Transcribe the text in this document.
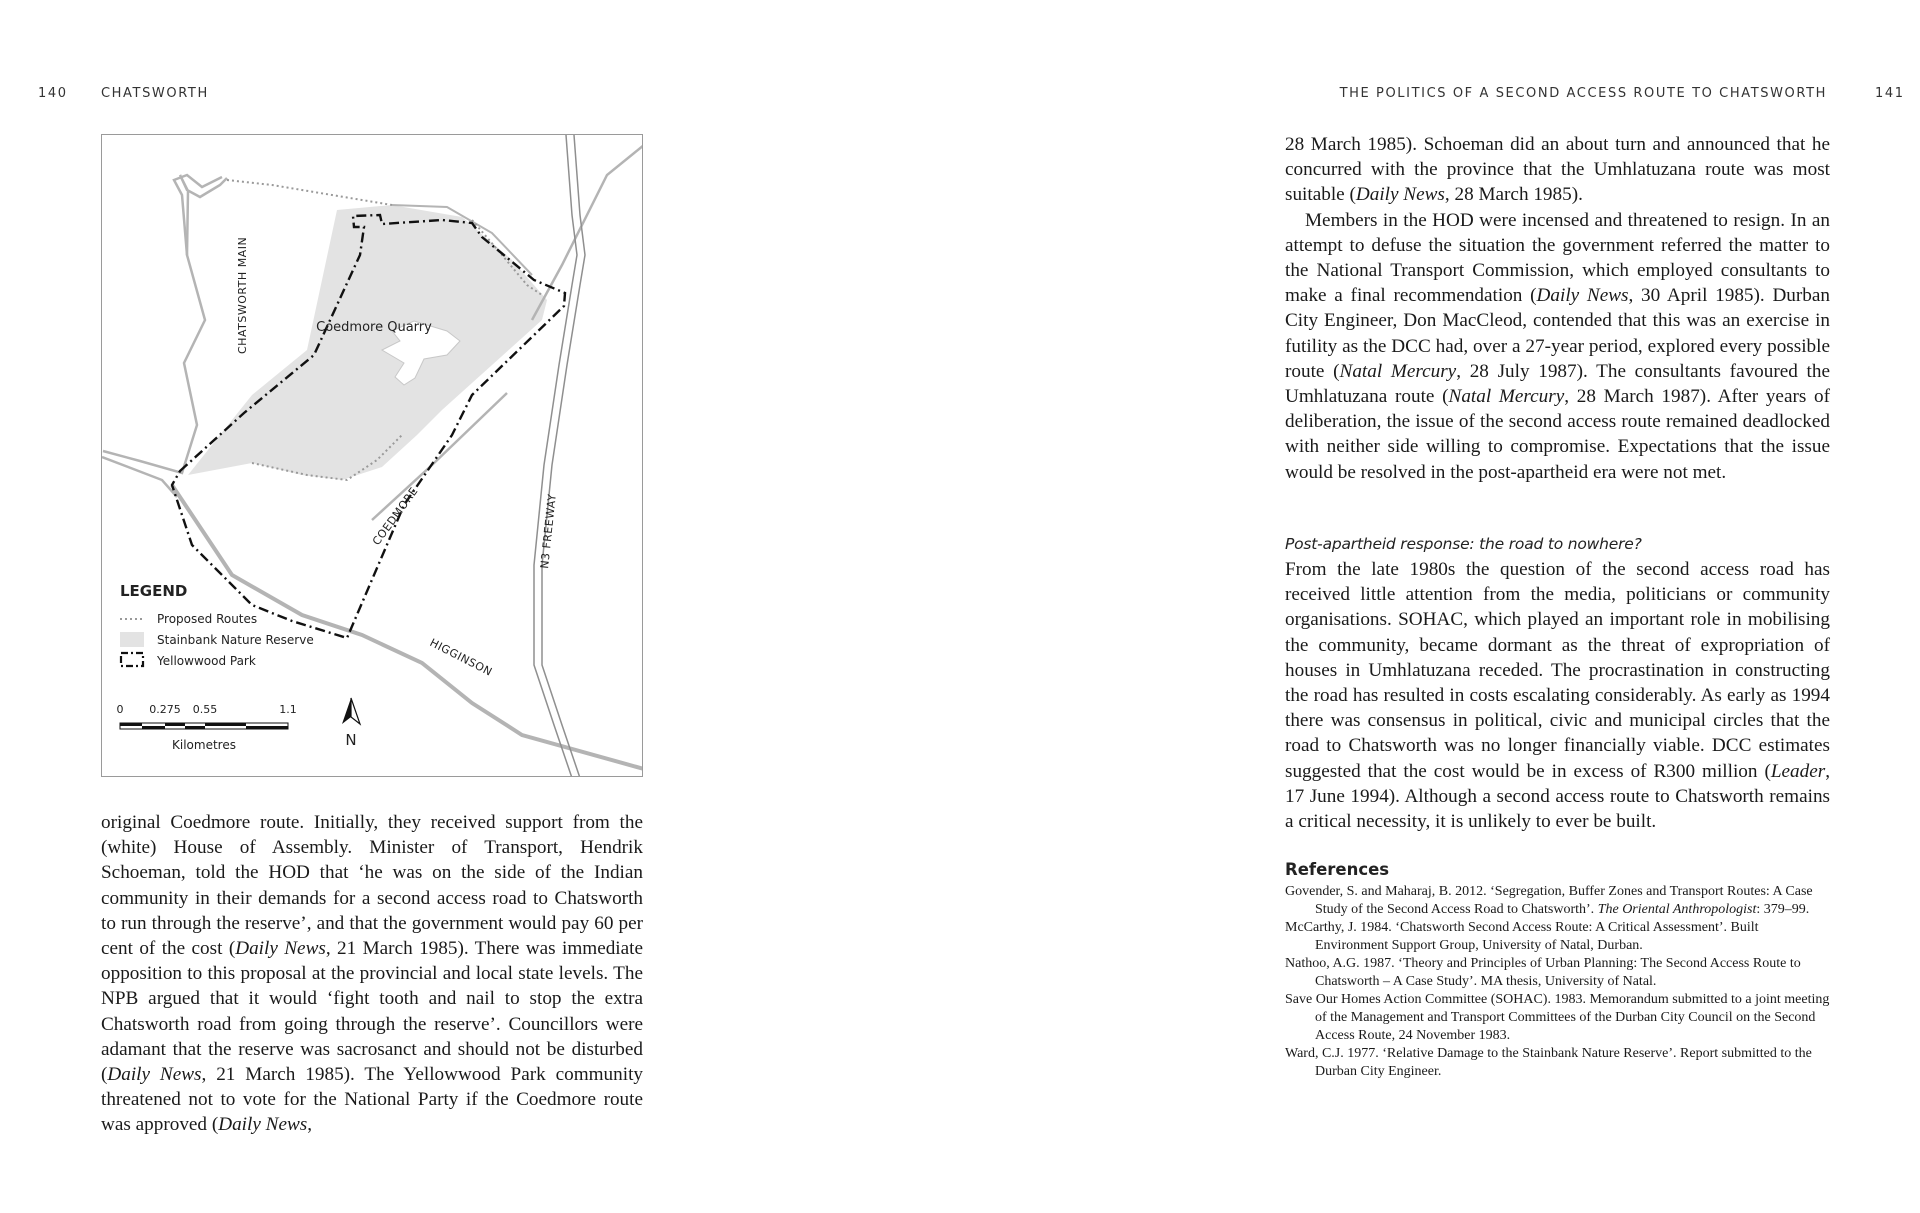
140	CHATSWORTH	THE POLITICS OF A SECOND ACCESS ROUTE TO CHATSWORTH	141
Coedmore Quarry
CHATSWORTH MAIN
COEDMORE	N3 FREEWAY
HIGGINSON
LEGEND
Proposed Routes
Stainbank Nature Reserve
Yellowwood Park
0 0.275 0.55	1.1
Kilometres	N

original Coedmore route. Initially, they received support from the (white) House of Assembly. Minister of Transport, Hendrik Schoeman, told the HOD that ‘he was on the side of the Indian community in their demands for a second access road to Chatsworth to run through the reserve’, and that the government would pay 60 per cent of the cost (Daily News, 21 March 1985). There was immediate opposition to this proposal at the provincial and local state levels. The NPB argued that it would ‘fight tooth and nail to stop the extra Chatsworth road from going through the reserve’. Councillors were adamant that the reserve was sacrosanct and should not be disturbed (Daily News, 21 March 1985). The Yellowwood Park community threatened not to vote for the National Party if the Coedmore route was approved (Daily News,

28 March 1985). Schoeman did an about turn and announced that he concurred with the province that the Umhlatuzana route was most suitable (Daily News, 28 March 1985).

Members in the HOD were incensed and threatened to resign. In an attempt to defuse the situation the government referred the matter to the National Transport Commission, which employed consultants to make a final recommendation (Daily News, 30 April 1985). Durban City Engineer, Don MacCleod, contended that this was an exercise in futility as the DCC had, over a 27-year period, explored every possible route (Natal Mercury, 28 July 1987). The consultants favoured the Umhlatuzana route (Natal Mercury, 28 March 1987). After years of deliberation, the issue of the second access route remained deadlocked with neither side willing to compromise. Expectations that the issue would be resolved in the post-apartheid era were not met.

Post-apartheid response: the road to nowhere?

From the late 1980s the question of the second access road has received little attention from the media, politicians or community organisations. SOHAC, which played an important role in mobilising the community, became dormant as the threat of expropriation of houses in Umhlatuzana receded. The procrastination in constructing the road has resulted in costs escalating considerably. As early as 1994 there was consensus in political, civic and municipal circles that the road to Chatsworth was no longer financially viable. DCC estimates suggested that the cost would be in excess of R300 million (Leader, 17 June 1994). Although a second access route to Chatsworth remains a critical necessity, it is unlikely to ever be built.

References

Govender, S. and Maharaj, B. 2012. ‘Segregation, Buffer Zones and Transport Routes: A Case Study of the Second Access Road to Chatsworth’. The Oriental Anthropologist: 379–99.

McCarthy, J. 1984. ‘Chatsworth Second Access Route: A Critical Assessment’. Built Environment Support Group, University of Natal, Durban.

Nathoo, A.G. 1987. ‘Theory and Principles of Urban Planning: The Second Access Route to Chatsworth – A Case Study’. MA thesis, University of Natal.

Save Our Homes Action Committee (SOHAC). 1983. Memorandum submitted to a joint meeting of the Management and Transport Committees of the Durban City Council on the Second Access Route, 24 November 1983.

Ward, C.J. 1977. ‘Relative Damage to the Stainbank Nature Reserve’. Report submitted to the Durban City Engineer.
